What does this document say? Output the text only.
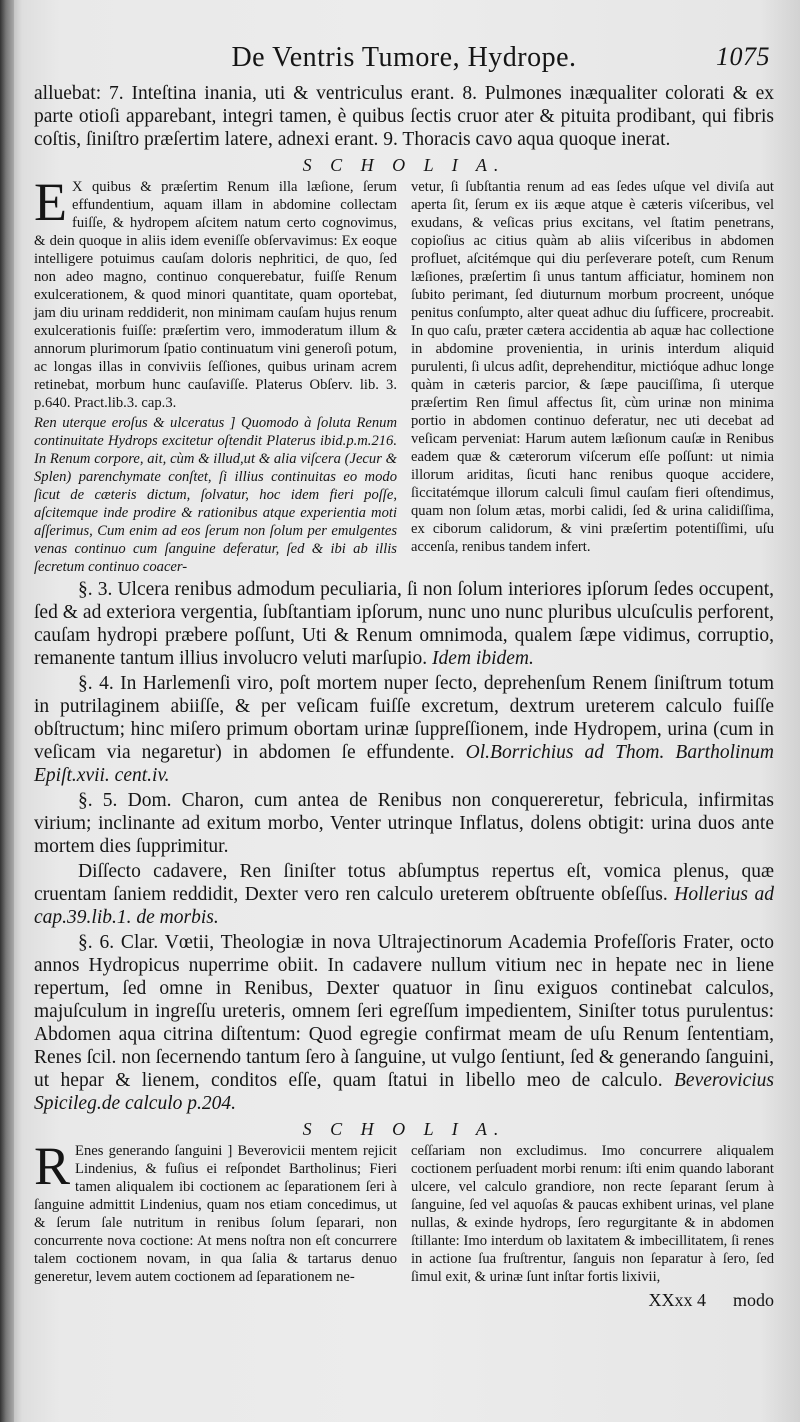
De Ventris Tumore, Hydrope.	1075

alluebat: 7. Inteſtina inania, uti & ventriculus erant. 8. Pulmones inæqualiter colorati & ex parte otioſi apparebant, integri tamen, è quibus ſectis cruor ater & pituita prodibant, qui fibris coſtis, ſiniſtro præſertim latere, adnexi erant. 9. Thoracis cavo aqua quoque inerat.

S C H O L I A.

E X quibus & præſertim Renum illa læſione, ſerum effundentium, aquam illam in abdomine collectam fuiſſe, & hydropem aſcitem natum certo cognovimus, & dein quoque in aliis idem eveniſſe obſervavimus: Ex eoque intelligere potuimus cauſam doloris nephritici, de quo, ſed non adeo magno, continuo conquerebatur, fuiſſe Renum exulcerationem, & quod minori quantitate, quam oportebat, jam diu urinam reddiderit, non minimam cauſam hujus renum exulcerationis fuiſſe: præſertim vero, immoderatum illum & annorum plurimorum ſpatio continuatum vini generoſi potum, ac longas illas in conviviis ſeſſiones, quibus urinam acrem retinebat, morbum hunc cauſaviſſe. Platerus Obſerv. lib. 3. p.640. Pract.lib.3. cap.3.

Ren uterque eroſus & ulceratus ] Quomodo à ſoluta Renum continuitate Hydrops excitetur oſtendit Platerus ibid.p.m.216. In Renum corpore, ait, cùm & illud,ut & alia viſcera (Jecur & Splen) parenchymate conſtet, ſi illius continuitas eo modo ſicut de cæteris dictum, ſolvatur, hoc idem fieri poſſe, aſcitemque inde prodire & rationibus atque experientia moti aſſerimus, Cum enim ad eos ſerum non ſolum per emulgentes venas continuo cum ſanguine deferatur, ſed & ibi ab illis ſecretum continuo coacer-

vetur, ſi ſubſtantia renum ad eas ſedes uſque vel diviſa aut aperta ſit, ſerum ex iis æque atque è cæteris viſceribus, vel exudans, & veſicas prius excitans, vel ſtatim penetrans, copioſius ac citius quàm ab aliis viſceribus in abdomen profluet, aſcitémque qui diu perſeverare poteſt, cum Renum læſiones, præſertim ſi unus tantum afficiatur, hominem non ſubito perimant, ſed diuturnum morbum procreent, unóque penitus conſumpto, alter queat adhuc diu ſufficere, procreabit. In quo caſu, præter cætera accidentia ab aquæ hac collectione in abdomine provenientia, in urinis interdum aliquid purulenti, ſi ulcus adſit, deprehenditur, mictióque adhuc longe quàm in cæteris parcior, & ſæpe pauciſſima, ſi uterque præſertim Ren ſimul affectus ſit, cùm urinæ non minima portio in abdomen continuo deferatur, nec uti decebat ad veſicam perveniat: Harum autem læſionum cauſæ in Renibus eadem quæ & cæterorum viſcerum eſſe poſſunt: ut nimia illorum ariditas, ſicuti hanc renibus quoque accidere, ſiccitatémque illorum calculi ſimul cauſam fieri oſtendimus, quam non ſolum ætas, morbi calidi, ſed & urina calidiſſima, ex ciborum calidorum, & vini præſertim potentiſſimi, uſu accenſa, renibus tandem infert.

§. 3. Ulcera renibus admodum peculiaria, ſi non ſolum interiores ipſorum ſedes occupent, ſed & ad exteriora vergentia, ſubſtantiam ipſorum, nunc uno nunc pluribus ulcuſculis perforent, cauſam hydropi præbere poſſunt, Uti & Renum omnimoda, qualem ſæpe vidimus, corruptio, remanente tantum illius involucro veluti marſupio. Idem ibidem.

§. 4. In Harlemenſi viro, poſt mortem nuper ſecto, deprehenſum Renem ſiniſtrum totum in putrilaginem abiiſſe, & per veſicam fuiſſe excretum, dextrum ureterem calculo fuiſſe obſtructum; hinc miſero primum obortam urinæ ſuppreſſionem, inde Hydropem, urina (cum in veſicam via negaretur) in abdomen ſe effundente. Ol.Borrichius ad Thom. Bartholinum Epiſt.xvii. cent.iv.

§. 5. Dom. Charon, cum antea de Renibus non conquereretur, febricula, infirmitas virium; inclinante ad exitum morbo, Venter utrinque Inflatus, dolens obtigit: urina duos ante mortem dies ſupprimitur.

Diſſecto cadavere, Ren ſiniſter totus abſumptus repertus eſt, vomica plenus, quæ cruentam ſaniem reddidit, Dexter vero ren calculo ureterem obſtruente obſeſſus. Hollerius ad cap.39.lib.1. de morbis.

§. 6. Clar. Vœtii, Theologiæ in nova Ultrajectinorum Academia Profeſſoris Frater, octo annos Hydropicus nuperrime obiit. In cadavere nullum vitium nec in hepate nec in liene repertum, ſed omne in Renibus, Dexter quatuor in ſinu exiguos continebat calculos, majuſculum in ingreſſu ureteris, omnem ſeri egreſſum impedientem, Siniſter totus purulentus: Abdomen aqua citrina diſtentum: Quod egregie confirmat meam de uſu Renum ſententiam, Renes ſcil. non ſecernendo tantum ſero à ſanguine, ut vulgo ſentiunt, ſed & generando ſanguini, ut hepar & lienem, conditos eſſe, quam ſtatui in libello meo de calculo. Beverovicius Spicileg.de calculo p.204.

S C H O L I A.

R Enes generando ſanguini ] Beverovicii mentem rejicit Lindenius, & fuſius ei reſpondet Bartholinus; Fieri tamen aliqualem ibi coctionem ac ſeparationem ſeri à ſanguine admittit Lindenius, quam nos etiam concedimus, ut & ſerum ſale nutritum in renibus ſolum ſeparari, non concurrente nova coctione: At mens noſtra non eſt concurrere talem coctionem novam, in qua ſalia & tartarus denuo generetur, levem autem coctionem ad ſeparationem ne-

ceſſariam non excludimus. Imo concurrere aliqualem coctionem perſuadent morbi renum: iſti enim quando laborant ulcere, vel calculo grandiore, non recte ſeparant ſerum à ſanguine, ſed vel aquoſas & paucas exhibent urinas, vel plane nullas, & exinde hydrops, ſero regurgitante & in abdomen ſtillante: Imo interdum ob laxitatem & imbecillitatem, ſi renes in actione ſua fruſtrentur, ſanguis non ſeparatur à ſero, ſed ſimul exit, & urinæ ſunt inſtar fortis lixivii,

XXxx 4 modo
